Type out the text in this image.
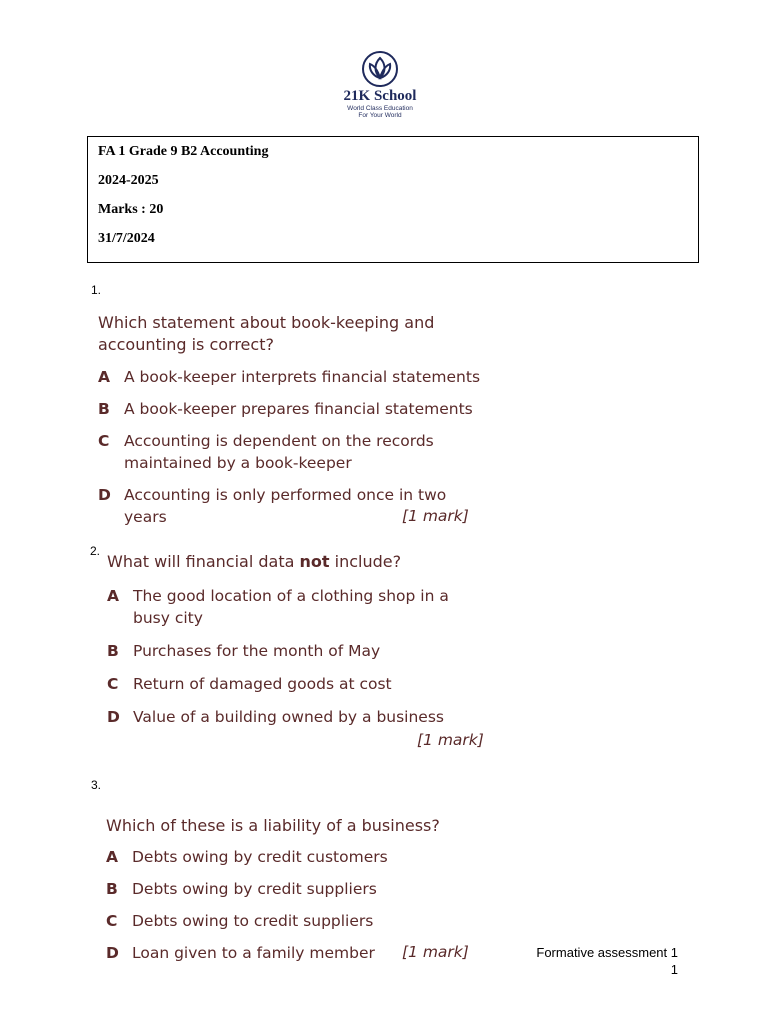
21K School
World Class Education
For Your World
FA 1 Grade 9 B2 Accounting
2024-2025
Marks : 20
31/7/2024
1.
Which statement about book-keeping and
accounting is correct?
A A book-keeper interprets financial statements
B A book-keeper prepares financial statements
C Accounting is dependent on the records
maintained by a book-keeper
D Accounting is only performed once in two
years	[1 mark]
2.
What will financial data not include?
A The good location of a clothing shop in a
busy city
B Purchases for the month of May
C Return of damaged goods at cost
D Value of a building owned by a business
[1 mark]
3.
Which of these is a liability of a business?
A Debts owing by credit customers
B Debts owing by credit suppliers
C Debts owing to credit suppliers
D Loan given to a family member	[1 mark]	Formative assessment 1
1
